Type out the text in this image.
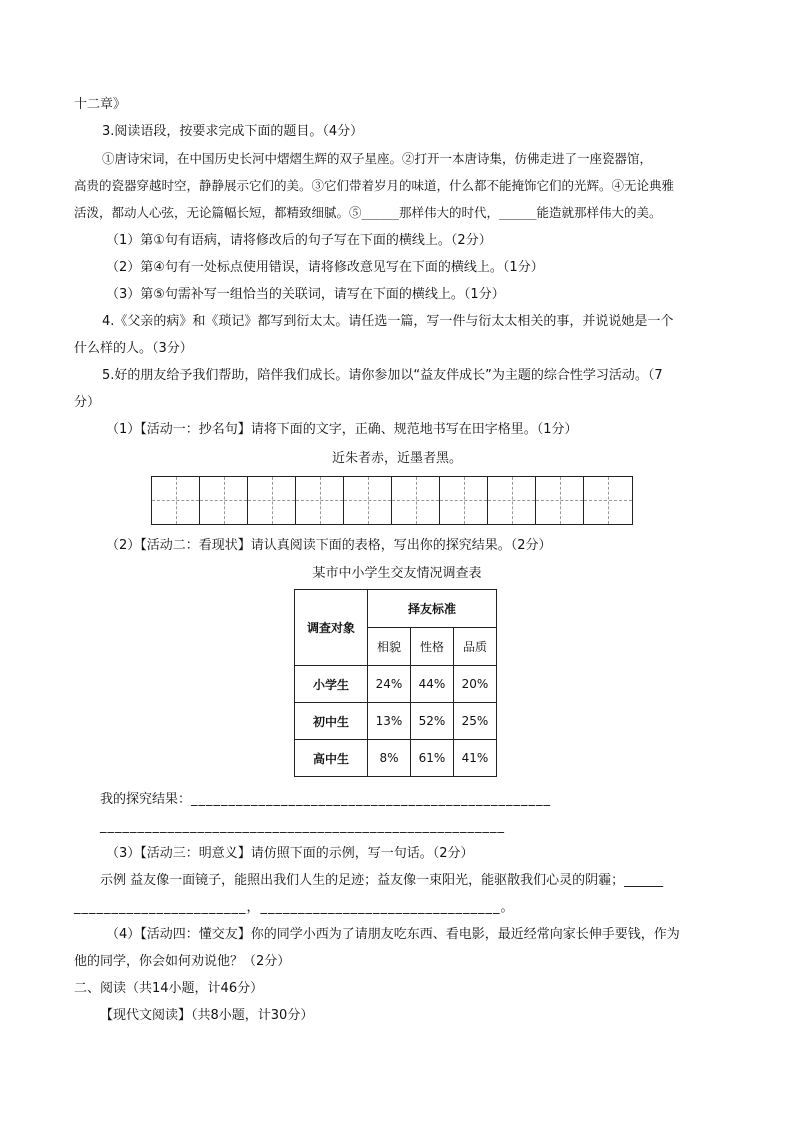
十二章》
3.阅读语段，按要求完成下面的题目。（4分）
①唐诗宋词，在中国历史长河中熠熠生辉的双子星座。②打开一本唐诗集，仿佛走进了一座瓷器馆，
高贵的瓷器穿越时空，静静展示它们的美。③它们带着岁月的味道，什么都不能掩饰它们的光辉。④无论典雅
活泼，都动人心弦，无论篇幅长短，都精致细腻。⑤______那样伟大的时代，______能造就那样伟大的美。
（1）第①句有语病，请将修改后的句子写在下面的横线上。（2分）
（2）第④句有一处标点使用错误，请将修改意见写在下面的横线上。（1分）
（3）第⑤句需补写一组恰当的关联词，请写在下面的横线上。（1分）
4.《父亲的病》和《琐记》都写到衍太太。请任选一篇，写一件与衍太太相关的事，并说说她是一个
什么样的人。（3分）
5.好的朋友给予我们帮助，陪伴我们成长。请你参加以“益友伴成长”为主题的综合性学习活动。（7
分）
（1）【活动一：抄名句】请将下面的文字，正确、规范地书写在田字格里。（1分）
近朱者赤，近墨者黑。
（2）【活动二：看现状】请认真阅读下面的表格，写出你的探究结果。（2分）
某市中小学生交友情况调查表
调查对象	择友标准		
	相貌	性格	品质
小学生	24%	44%	20%
初中生	13%	52%	25%
高中生	8%	61%	41%
我的探究结果：________________________________________________
______________________________________________________
（3）【活动三：明意义】请仿照下面的示例，写一句话。（2分）
示例 益友像一面镜子，能照出我们人生的足迹；益友像一束阳光，能驱散我们心灵的阴霾；______
_______________________，________________________________。
（4）【活动四：懂交友】你的同学小西为了请朋友吃东西、看电影，最近经常向家长伸手要钱，作为
他的同学，你会如何劝说他？（2分）
二、阅读（共14小题，计46分）
【现代文阅读】（共8小题，计30分）
